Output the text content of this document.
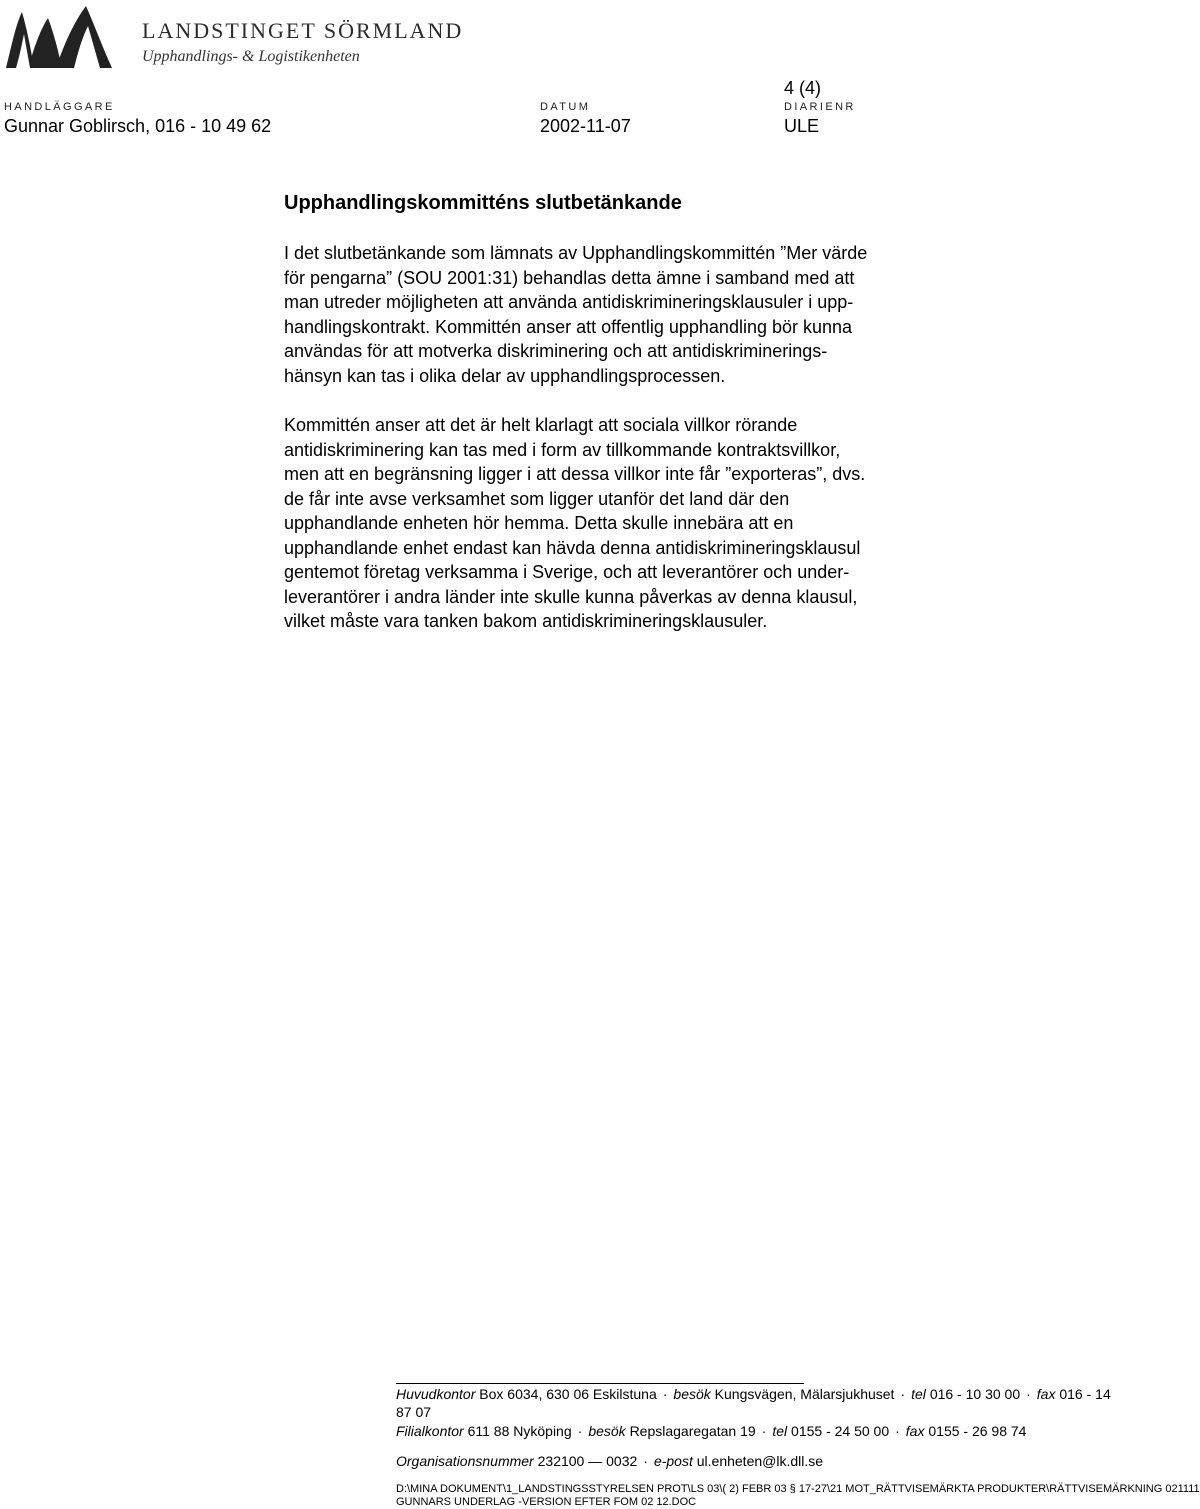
LANDSTINGET SÖRMLAND
Upphandlings- & Logistikenheten
4 (4)
HANDLÄGGARE
Gunnar Goblirsch, 016 - 10 49 62
DATUM
2002-11-07
DIARIENR
ULE
Upphandlingskommitténs slutbetänkande

I det slutbetänkande som lämnats av Upphandlingskommittén ”Mer värde
för pengarna” (SOU 2001:31) behandlas detta ämne i samband med att
man utreder möjligheten att använda antidiskrimineringsklausuler i upp-
handlingskontrakt. Kommittén anser att offentlig upphandling bör kunna
användas för att motverka diskriminering och att antidiskriminerings-
hänsyn kan tas i olika delar av upphandlingsprocessen.

Kommittén anser att det är helt klarlagt att sociala villkor rörande
antidiskriminering kan tas med i form av tillkommande kontraktsvillkor,
men att en begränsning ligger i att dessa villkor inte får ”exporteras”, dvs.
de får inte avse verksamhet som ligger utanför det land där den
upphandlande enheten hör hemma. Detta skulle innebära att en
upphandlande enhet endast kan hävda denna antidiskrimineringsklausul
gentemot företag verksamma i Sverige, och att leverantörer och under-
leverantörer i andra länder inte skulle kunna påverkas av denna klausul,
vilket måste vara tanken bakom antidiskrimineringsklausuler.

Huvudkontor Box 6034, 630 06 Eskilstuna · besök Kungsvägen, Mälarsjukhuset · tel 016 - 10 30 00 · fax 016 - 14
87 07
Filialkontor 611 88 Nyköping · besök Repslagaregatan 19 · tel 0155 - 24 50 00 · fax 0155 - 26 98 74
Organisationsnummer 232100 — 0032 · e-post ul.enheten@lk.dll.se
D:\MINA DOKUMENT\1_LANDSTINGSSTYRELSEN PROT\LS 03\( 2) FEBR 03 § 17-27\21 MOT_RÄTTVISEMÄRKTA PRODUKTER\RÄTTVISEMÄRKNING 021111
GUNNARS UNDERLAG -VERSION EFTER FOM 02 12.DOC
